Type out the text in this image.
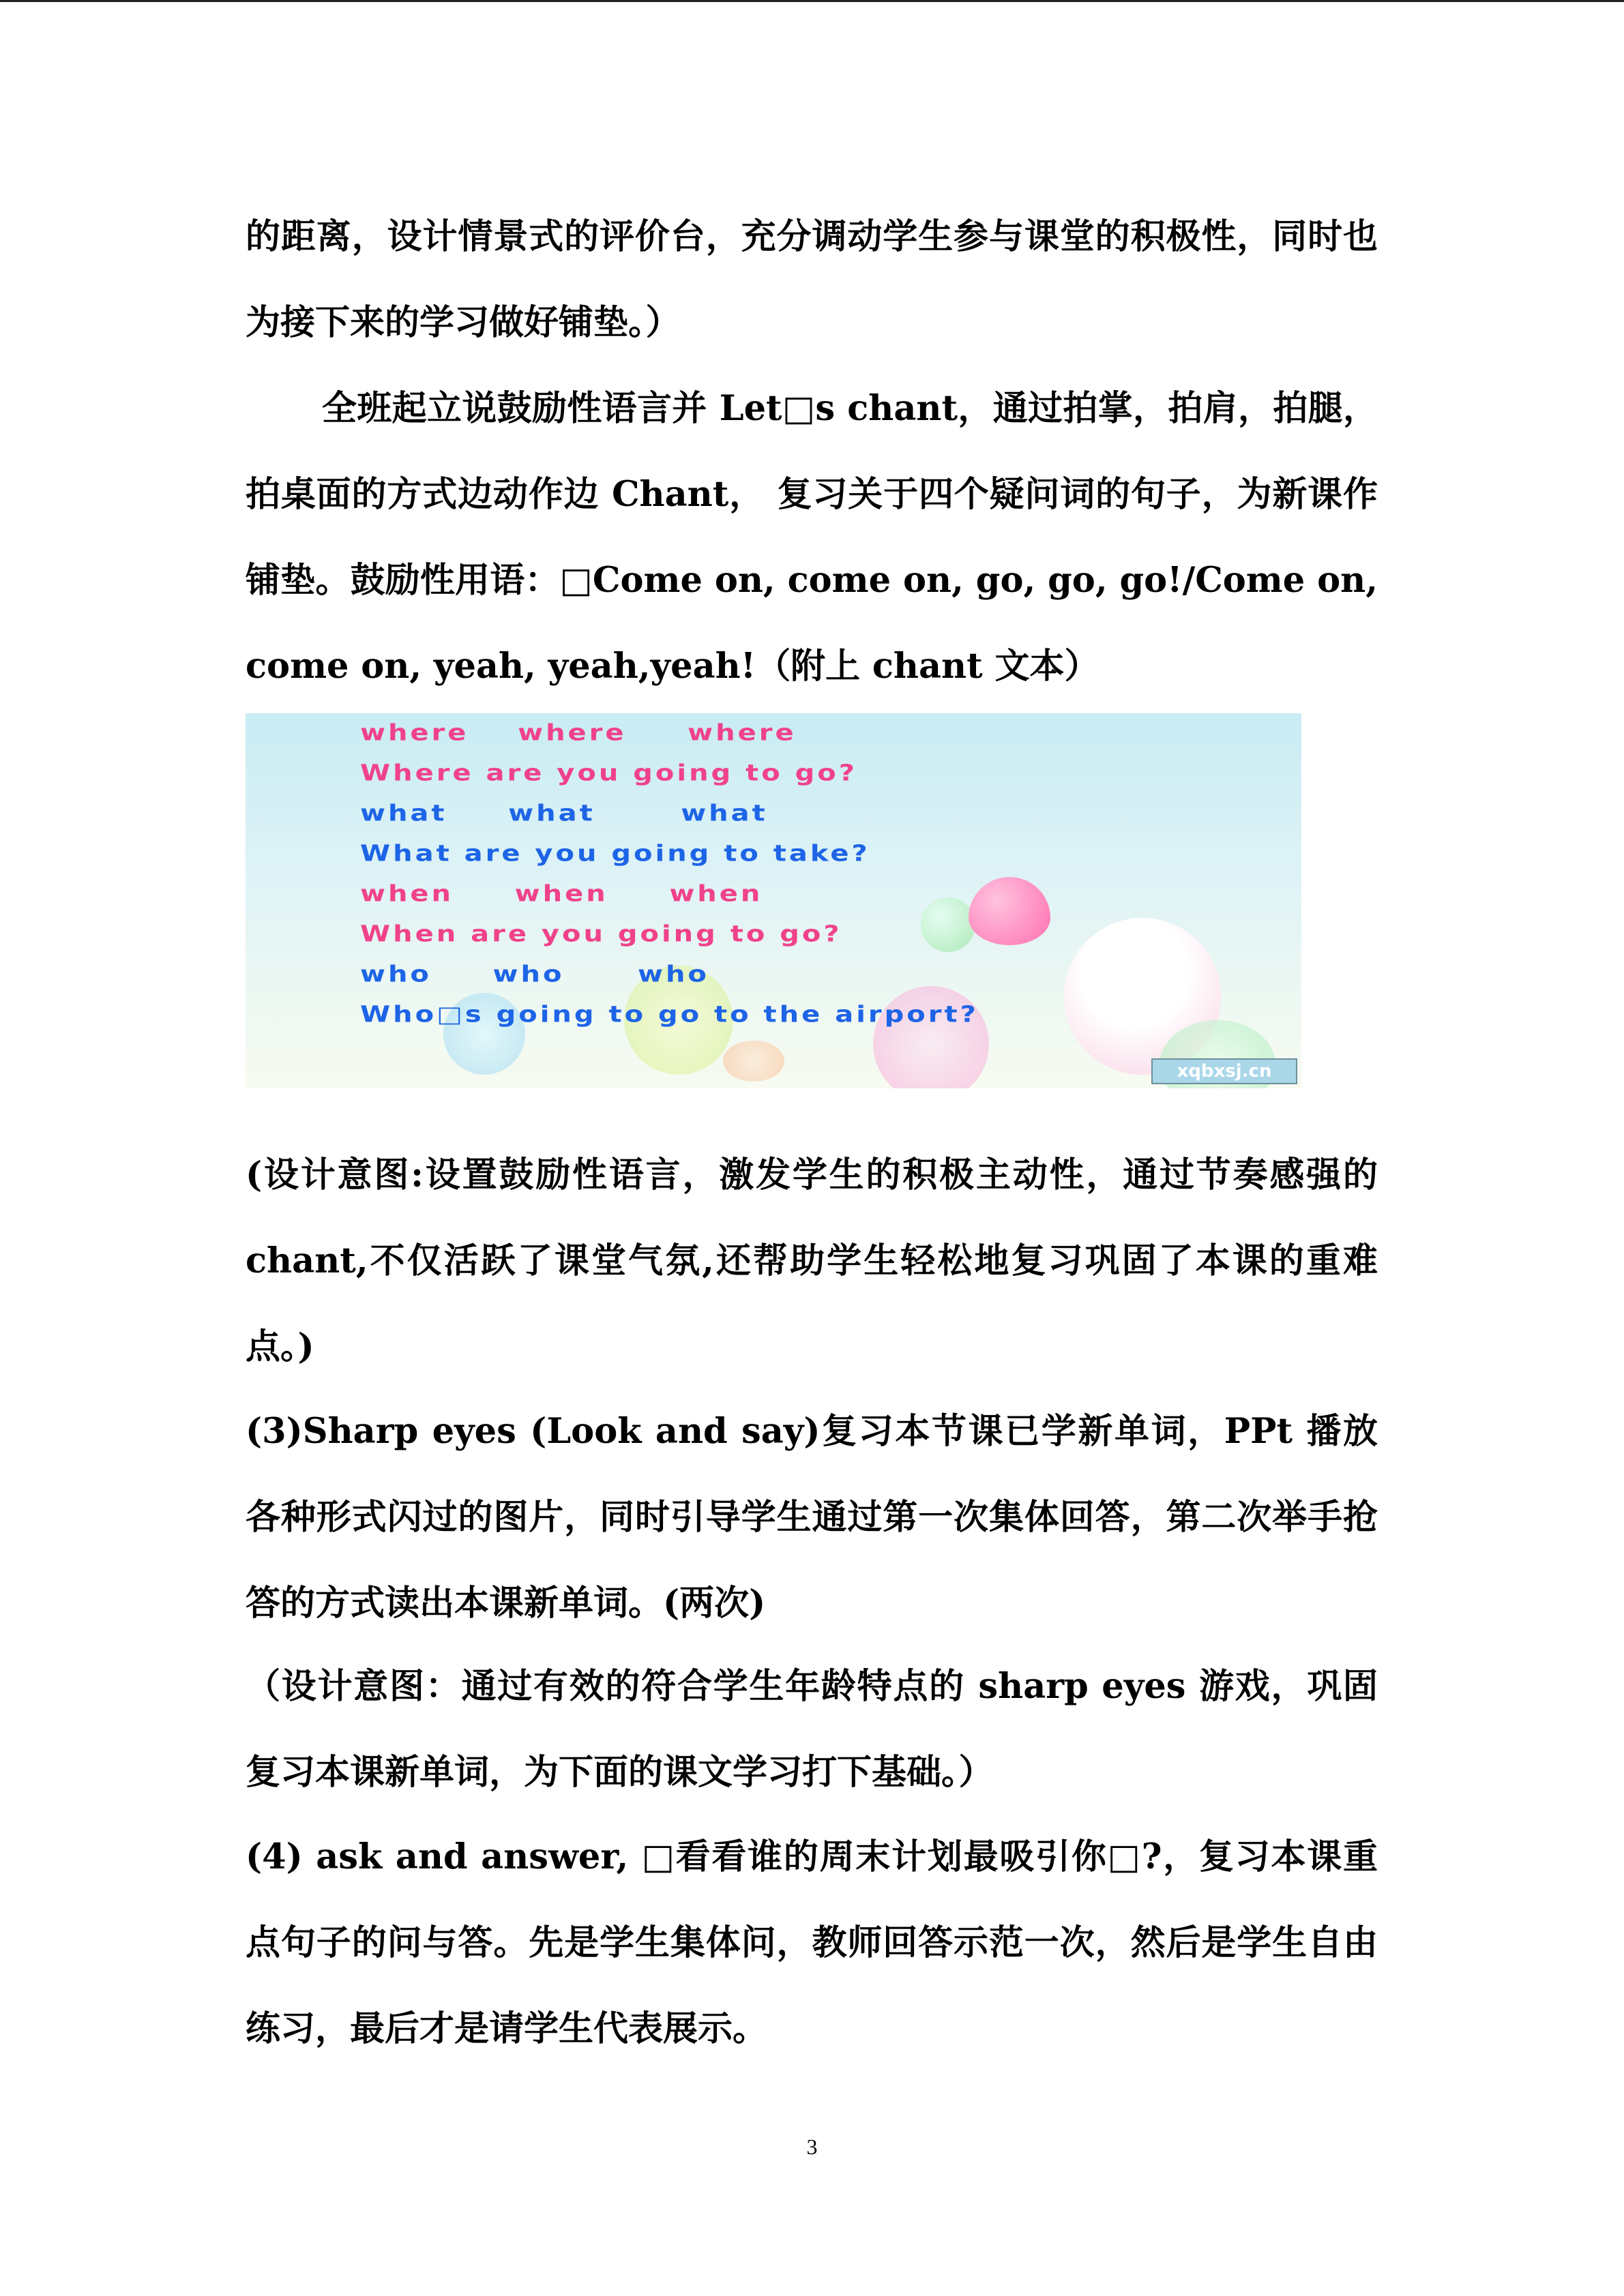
的距离，设计情景式的评价台，充分调动学生参与课堂的积极性，同时也为接下来的学习做好铺垫。）

全班起立说鼓励性语言并 Let□s chant，通过拍掌，拍肩，拍腿，拍桌面的方式边动作边 Chant， 复习关于四个疑问词的句子，为新课作铺垫。鼓励性用语：□Come on, come on, go, go, go!/Come on, come on, yeah, yeah,yeah!（附上 chant 文本）

where    where     where

Where are you going to go?

what     what       what

What are you going to take?

when     when     when

When are you going to go?

who     who      who

Who□s going to go to the airport?

xqbxsj.cn

(设计意图:设置鼓励性语言，激发学生的积极主动性，通过节奏感强的 chant,不仅活跃了课堂气氛,还帮助学生轻松地复习巩固了本课的重难点。)

(3)Sharp eyes (Look and say)复习本节课已学新单词，PPt 播放各种形式闪过的图片，同时引导学生通过第一次集体回答，第二次举手抢答的方式读出本课新单词。(两次)

（设计意图：通过有效的符合学生年龄特点的 sharp eyes 游戏，巩固复习本课新单词，为下面的课文学习打下基础。）

(4) ask and answer, □看看谁的周末计划最吸引你□?，复习本课重点句子的问与答。先是学生集体问，教师回答示范一次，然后是学生自由练习，最后才是请学生代表展示。

3
